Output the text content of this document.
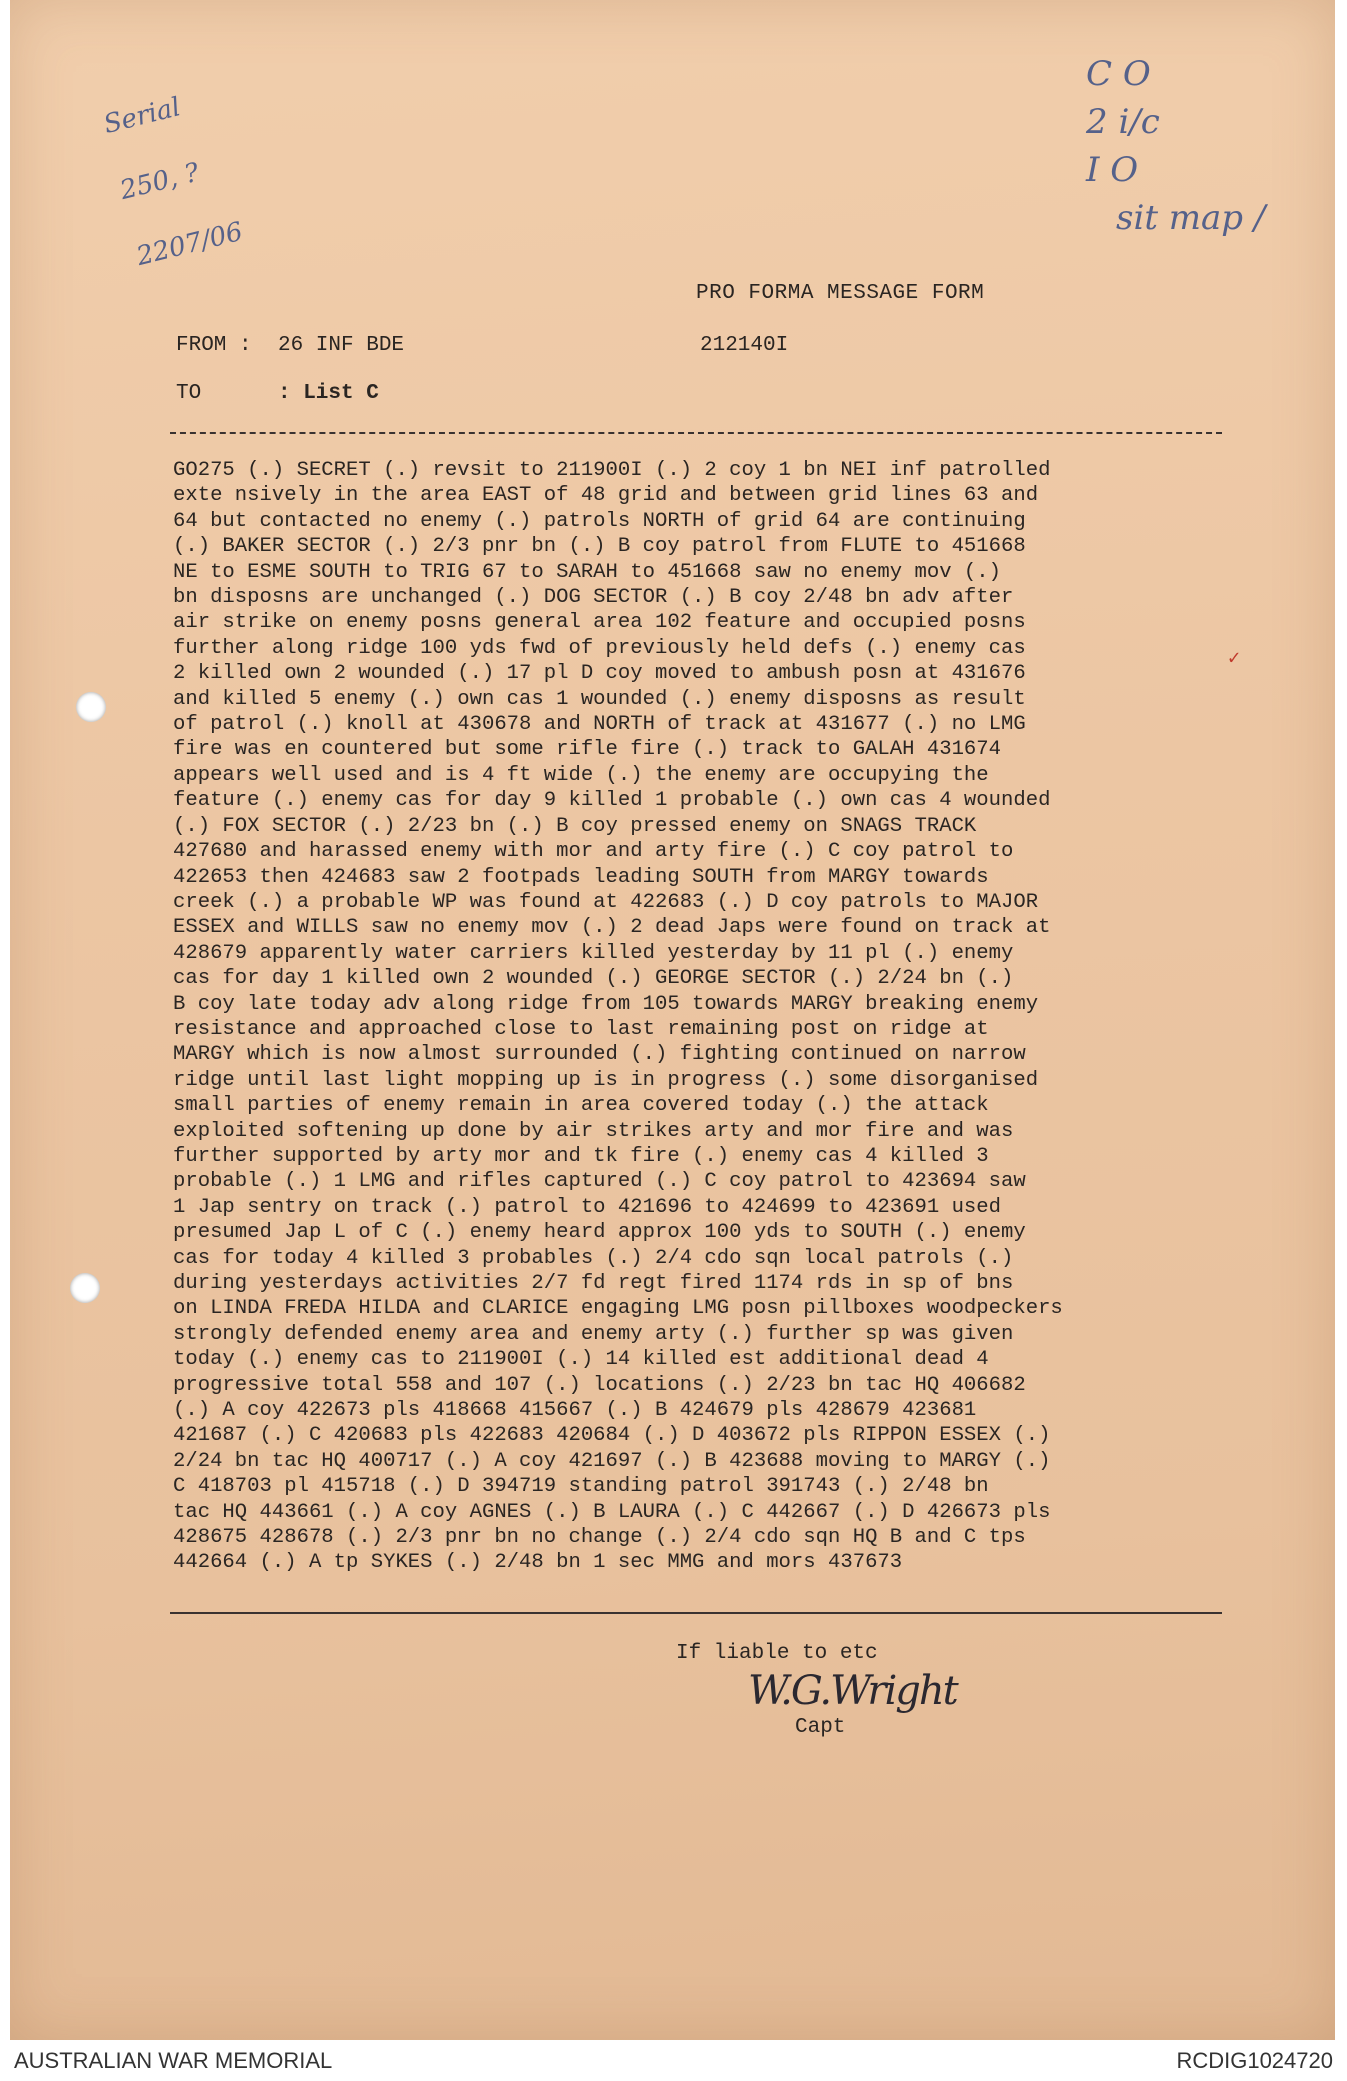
Serial

250, ?

2207/06

C O
2 i/c
I O
sit map /
PRO FORMA MESSAGE FORM
FROM : 26 INF BDE	212140I
TO	: List C
GO275 (.) SECRET (.) revsit to 211900I (.) 2 coy 1 bn NEI inf patrolled
exte nsively in the area EAST of 48 grid and between grid lines 63 and
64 but contacted no enemy (.) patrols NORTH of grid 64 are continuing
(.) BAKER SECTOR (.) 2/3 pnr bn (.) B coy patrol from FLUTE to 451668
NE to ESME SOUTH to TRIG 67 to SARAH to 451668 saw no enemy mov (.)
bn disposns are unchanged (.) DOG SECTOR (.) B coy 2/48 bn adv after
air strike on enemy posns general area 102 feature and occupied posns
further along ridge 100 yds fwd of previously held defs (.) enemy cas
2 killed own 2 wounded (.) 17 pl D coy moved to ambush posn at 431676
and killed 5 enemy (.) own cas 1 wounded (.) enemy disposns as result
of patrol (.) knoll at 430678 and NORTH of track at 431677 (.) no LMG
fire was en countered but some rifle fire (.) track to GALAH 431674
appears well used and is 4 ft wide (.) the enemy are occupying the
feature (.) enemy cas for day 9 killed 1 probable (.) own cas 4 wounded
(.) FOX SECTOR (.) 2/23 bn (.) B coy pressed enemy on SNAGS TRACK
427680 and harassed enemy with mor and arty fire (.) C coy patrol to
422653 then 424683 saw 2 footpads leading SOUTH from MARGY towards
creek (.) a probable WP was found at 422683 (.) D coy patrols to MAJOR
ESSEX and WILLS saw no enemy mov (.) 2 dead Japs were found on track at
428679 apparently water carriers killed yesterday by 11 pl (.) enemy
cas for day 1 killed own 2 wounded (.) GEORGE SECTOR (.) 2/24 bn (.)
B coy late today adv along ridge from 105 towards MARGY breaking enemy
resistance and approached close to last remaining post on ridge at
MARGY which is now almost surrounded (.) fighting continued on narrow
ridge until last light mopping up is in progress (.) some disorganised
small parties of enemy remain in area covered today (.) the attack
exploited softening up done by air strikes arty and mor fire and was
further supported by arty mor and tk fire (.) enemy cas 4 killed 3
probable (.) 1 LMG and rifles captured (.) C coy patrol to 423694 saw
1 Jap sentry on track (.) patrol to 421696 to 424699 to 423691 used
presumed Jap L of C (.) enemy heard approx 100 yds to SOUTH (.) enemy
cas for today 4 killed 3 probables (.) 2/4 cdo sqn local patrols (.)
during yesterdays activities 2/7 fd regt fired 1174 rds in sp of bns
on LINDA FREDA HILDA and CLARICE engaging LMG posn pillboxes woodpeckers
strongly defended enemy area and enemy arty (.) further sp was given
today (.) enemy cas to 211900I (.) 14 killed est additional dead 4
progressive total 558 and 107 (.) locations (.) 2/23 bn tac HQ 406682
(.) A coy 422673 pls 418668 415667 (.) B 424679 pls 428679 423681
421687 (.) C 420683 pls 422683 420684 (.) D 403672 pls RIPPON ESSEX (.)
2/24 bn tac HQ 400717 (.) A coy 421697 (.) B 423688 moving to MARGY (.)
C 418703 pl 415718 (.) D 394719 standing patrol 391743 (.) 2/48 bn
tac HQ 443661 (.) A coy AGNES (.) B LAURA (.) C 442667 (.) D 426673 pls
428675 428678 (.) 2/3 pnr bn no change (.) 2/4 cdo sqn HQ B and C tps
442664 (.) A tp SYKES (.) 2/48 bn 1 sec MMG and mors 437673
✓
If liable to etc
W.G.Wright
Capt
AUSTRALIAN WAR MEMORIAL	RCDIG1024720
